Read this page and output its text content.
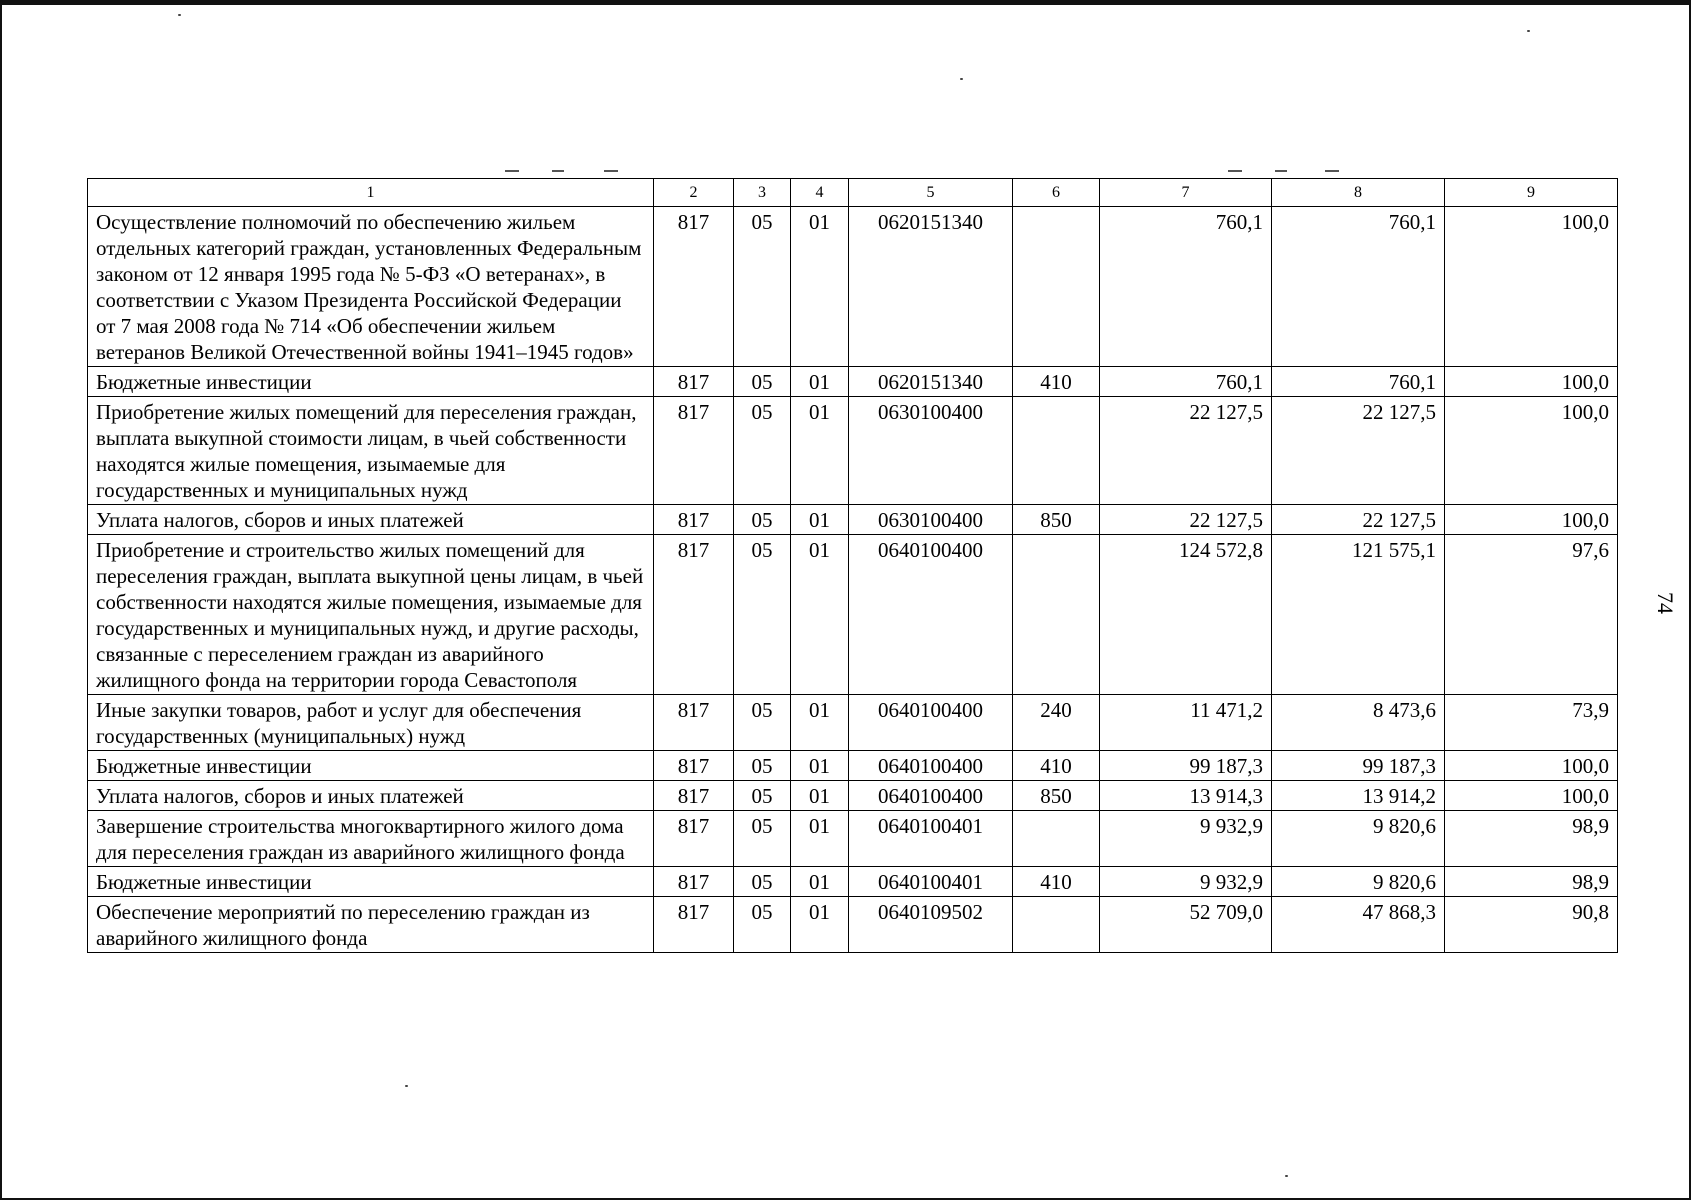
74
1	2	3	4	5	6	7	8	9
Осуществление полномочий по обеспечению жильем отдельных категорий граждан, установленных Федеральным законом от 12 января 1995 года № 5-ФЗ «О ветеранах», в соответствии с Указом Президента Российской Федерации от 7 мая 2008 года № 714 «Об обеспечении жильем ветеранов Великой Отечественной войны 1941–1945 годов»	817	05	01	0620151340		760,1	760,1	100,0
Бюджетные инвестиции	817	05	01	0620151340	410	760,1	760,1	100,0
Приобретение жилых помещений для переселения граждан, выплата выкупной стоимости лицам, в чьей собственности находятся жилые помещения, изымаемые для государственных и муниципальных нужд	817	05	01	0630100400		22 127,5	22 127,5	100,0
Уплата налогов, сборов и иных платежей	817	05	01	0630100400	850	22 127,5	22 127,5	100,0
Приобретение и строительство жилых помещений для переселения граждан, выплата выкупной цены лицам, в чьей собственности находятся жилые помещения, изымаемые для государственных и муниципальных нужд, и другие расходы, связанные с переселением граждан из аварийного жилищного фонда на территории города Севастополя	817	05	01	0640100400		124 572,8	121 575,1	97,6
Иные закупки товаров, работ и услуг для обеспечения государственных (муниципальных) нужд	817	05	01	0640100400	240	11 471,2	8 473,6	73,9
Бюджетные инвестиции	817	05	01	0640100400	410	99 187,3	99 187,3	100,0
Уплата налогов, сборов и иных платежей	817	05	01	0640100400	850	13 914,3	13 914,2	100,0
Завершение строительства многоквартирного жилого дома для переселения граждан из аварийного жилищного фонда	817	05	01	0640100401		9 932,9	9 820,6	98,9
Бюджетные инвестиции	817	05	01	0640100401	410	9 932,9	9 820,6	98,9
Обеспечение мероприятий по переселению граждан из аварийного жилищного фонда	817	05	01	0640109502		52 709,0	47 868,3	90,8
